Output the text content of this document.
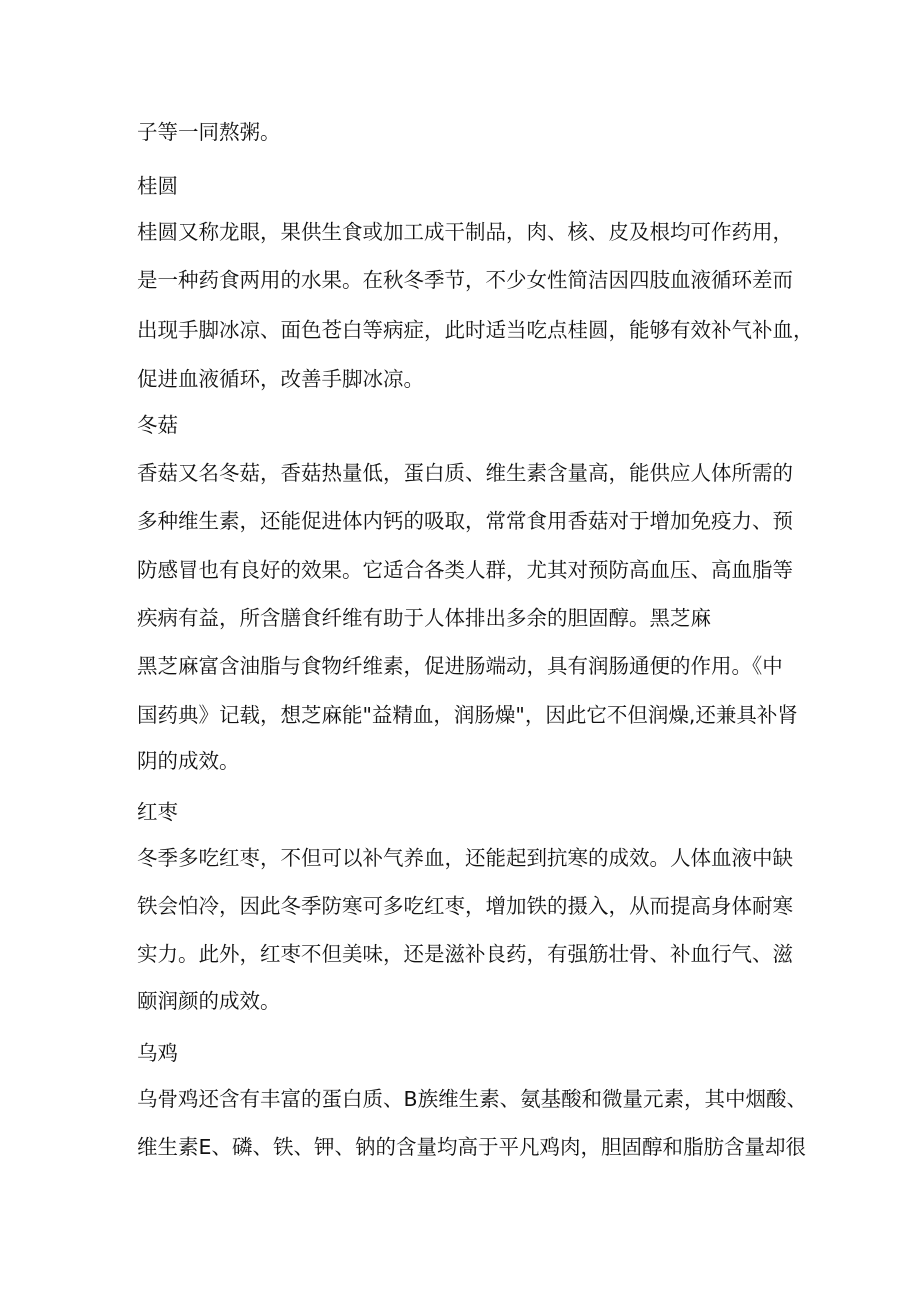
子等一同熬粥。
桂圆
桂圆又称龙眼，果供生食或加工成干制品，肉、核、皮及根均可作药用，
是一种药食两用的水果。在秋冬季节，不少女性简洁因四肢血液循环差而
出现手脚冰凉、面色苍白等病症，此时适当吃点桂圆，能够有效补气补血，
促进血液循环，改善手脚冰凉。
冬菇
香菇又名冬菇，香菇热量低，蛋白质、维生素含量高，能供应人体所需的
多种维生素，还能促进体内钙的吸取，常常食用香菇对于增加免疫力、预
防感冒也有良好的效果。它适合各类人群，尤其对预防高血压、高血脂等
疾病有益，所含膳食纤维有助于人体排出多余的胆固醇。黑芝麻
黑芝麻富含油脂与食物纤维素，促进肠端动，具有润肠通便的作用。《中
国药典》记载，想芝麻能"益精血，润肠燥"，因此它不但润燥,还兼具补肾
阴的成效。
红枣
冬季多吃红枣，不但可以补气养血，还能起到抗寒的成效。人体血液中缺
铁会怕冷，因此冬季防寒可多吃红枣，增加铁的摄入，从而提高身体耐寒
实力。此外，红枣不但美味，还是滋补良药，有强筋壮骨、补血行气、滋
颐润颜的成效。
乌鸡
乌骨鸡还含有丰富的蛋白质、B族维生素、氨基酸和微量元素，其中烟酸、
维生素E、磷、铁、钾、钠的含量均高于平凡鸡肉，胆固醇和脂肪含量却很
